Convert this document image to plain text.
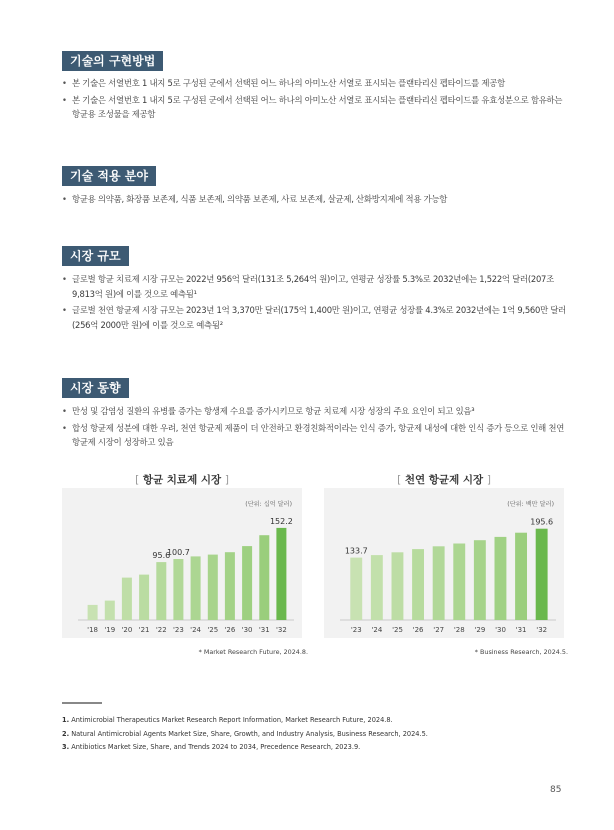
기술의 구현방법
• 본 기술은 서열번호 1 내지 5로 구성된 군에서 선택된 어느 하나의 아미노산 서열로 표시되는 플랜타리신 펩타이드를 제공함
• 본 기술은 서열번호 1 내지 5로 구성된 군에서 선택된 어느 하나의 아미노산 서열로 표시되는 플랜타리신 펩타이드를 유효성분으로 함유하는 항균용 조성물을 제공함
기술 적용 분야
• 항균용 의약품, 화장품 보존제, 식품 보존제, 의약품 보존제, 사료 보존제, 살균제, 산화방지제에 적용 가능함
시장 규모
• 글로벌 항균 치료제 시장 규모는 2022년 956억 달러(131조 5,264억 원)이고, 연평균 성장률 5.3%로 2032년에는 1,522억 달러(207조 9,813억 원)에 이를 것으로 예측됨¹
• 글로벌 천연 항균제 시장 규모는 2023년 1억 3,370만 달러(175억 1,400만 원)이고, 연평균 성장률 4.3%로 2032년에는 1억 9,560만 달러(256억 2000만 원)에 이를 것으로 예측됨²
시장 동향
• 만성 및 감염성 질환의 유병률 증가는 항생제 수요를 증가시키므로 항균 치료제 시장 성장의 주요 요인이 되고 있음³
• 합성 항균제 성분에 대한 우려, 천연 항균제 제품이 더 안전하고 환경친화적이라는 인식 증가, 항균제 내성에 대한 인식 증가 등으로 인해 천연 항균제 시장이 성장하고 있음
[ 항균 치료제 시장 ]
(단위: 십억 달러)
'18 '19 '20 '21 '22
95.6
'23
100.7
'24 '25 '26 '30 '31 '32
152.2
* Market Research Future, 2024.8.
[ 천연 항균제 시장 ]
(단위: 백만 달러)
'23
133.7
'24 '25 '26 '27 '28 '29 '30 '31 '32
195.6
* Business Research, 2024.5.
1. Antimicrobial Therapeutics Market Research Report Information, Market Research Future, 2024.8.
2. Natural Antimicrobial Agents Market Size, Share, Growth, and Industry Analysis, Business Research, 2024.5.
3. Antibiotics Market Size, Share, and Trends 2024 to 2034, Precedence Research, 2023.9.
85
